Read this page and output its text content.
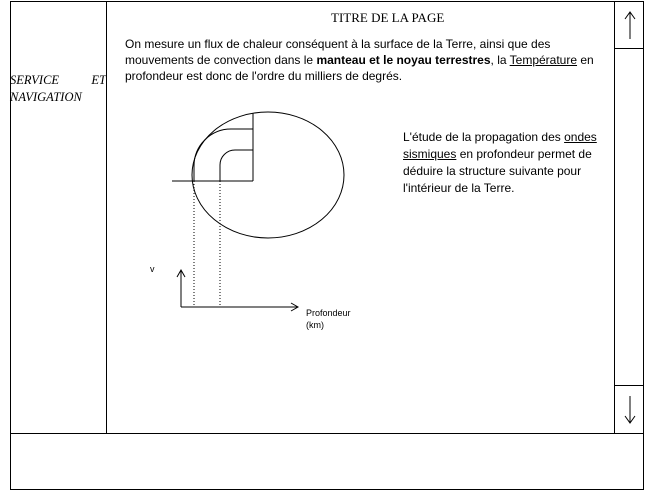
SERVICE ET NAVIGATION
TITRE DE LA PAGE
On mesure un flux de chaleur conséquent à la surface de la Terre, ainsi que des mouvements de convection dans le manteau et le noyau terrestres, la Température en profondeur est donc de l'ordre du milliers de degrés.
v
Profondeur
(km)
L'étude de la propagation des ondes sismiques en profondeur permet de déduire la structure suivante pour l'intérieur de la Terre.
